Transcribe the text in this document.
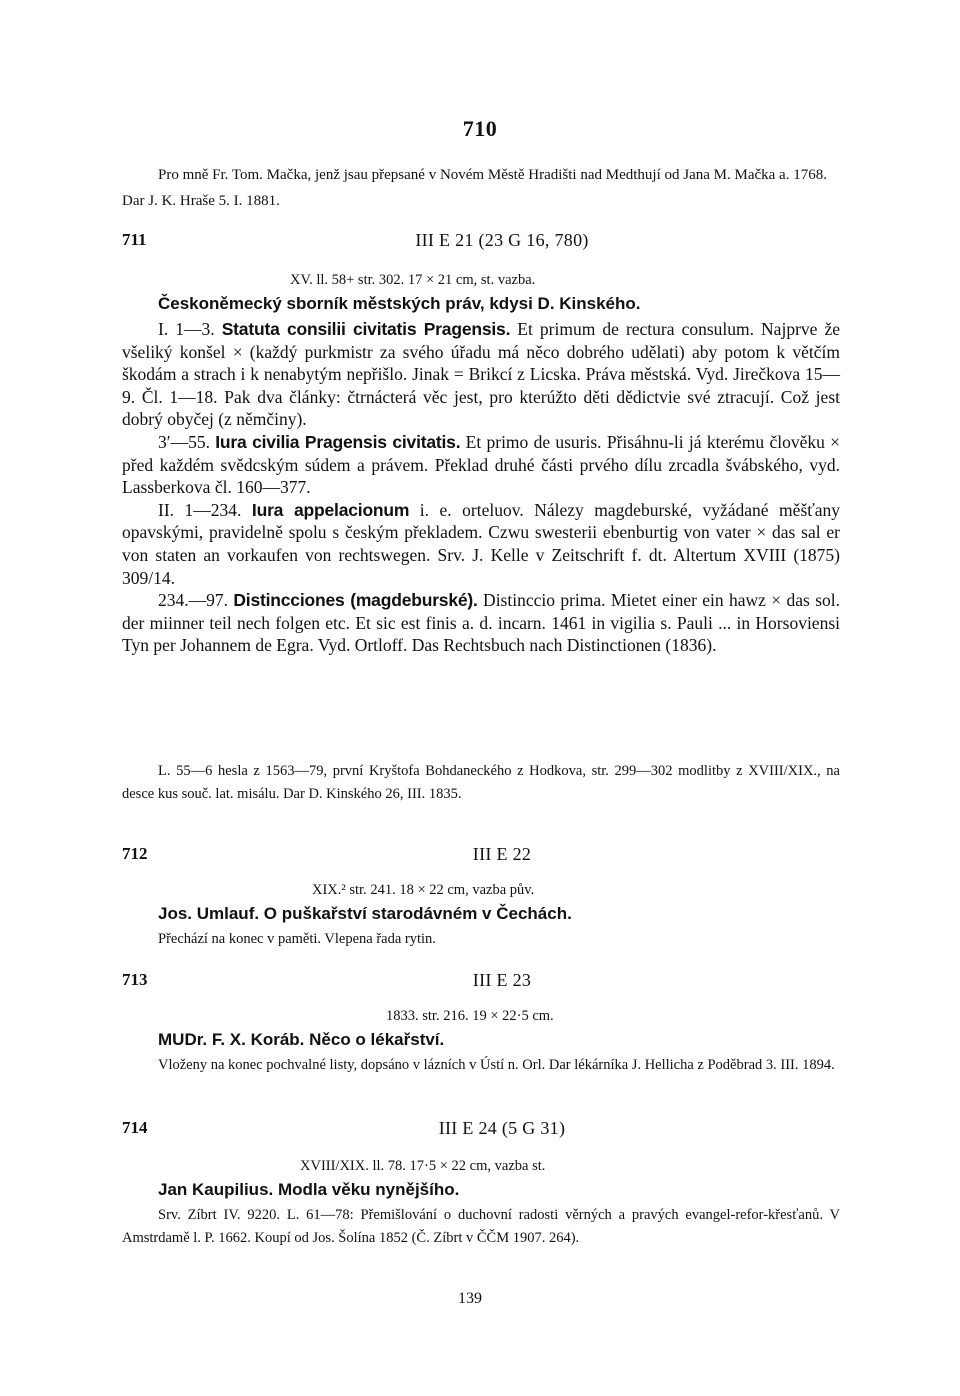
710

Pro mně Fr. Tom. Mačka, jenž jsau přepsané v Novém Městě Hradišti nad Medthují od Jana M. Mačka a. 1768. Dar J. K. Hraše 5. I. 1881.

711	III E 21 (23 G 16, 780)
XV. ll. 58+ str. 302. 17 × 21 cm, st. vazba.
Českoněmecký sborník městských práv, kdysi D. Kinského.

I. 1—3. Statuta consilii civitatis Pragensis. Et primum de rectura consulum. Najprve že všeliký konšel × (každý purkmistr za svého úřadu má něco dobrého udělati) aby potom k větčím škodám a strach i k nenabytým nepřišlo. Jinak = Brikcí z Licska. Práva městská. Vyd. Jirečkova 15—9. Čl. 1—18. Pak dva články: čtrnácterá věc jest, pro kterúžto děti dědictvie své ztracují. Což jest dobrý obyčej (z němčiny).

3′—55. Iura civilia Pragensis civitatis. Et primo de usuris. Přisáhnu-li já kterému člověku × před každém svědcským súdem a právem. Překlad druhé části prvého dílu zrcadla švábského, vyd. Lassberkova čl. 160—377.

II. 1—234. Iura appelacionum i. e. orteluov. Nálezy magdeburské, vyžádané měšťany opavskými, pravidelně spolu s českým překladem. Czwu swesterii ebenburtig von vater × das sal er von staten an vorkaufen von rechtswegen. Srv. J. Kelle v Zeitschrift f. dt. Altertum XVIII (1875) 309/14.

234.—97. Distincciones (magdeburské). Distinccio prima. Mietet einer ein hawz × das sol. der miinner teil nech folgen etc. Et sic est finis a. d. incarn. 1461 in vigilia s. Pauli ... in Horsoviensi Tyn per Johannem de Egra. Vyd. Ortloff. Das Rechtsbuch nach Distinctionen (1836).

L. 55—6 hesla z 1563—79, první Kryštofa Bohdaneckého z Hodkova, str. 299—302 modlitby z XVIII/XIX., na desce kus souč. lat. misálu. Dar D. Kinského 26, III. 1835.

712	III E 22
XIX.² str. 241. 18 × 22 cm, vazba pův.
Jos. Umlauf. O puškařství starodávném v Čechách.

Přechází na konec v paměti. Vlepena řada rytin.

713	III E 23
1833. str. 216. 19 × 22·5 cm.
MUDr. F. X. Koráb. Něco o lékařství.

Vloženy na konec pochvalné listy, dopsáno v lázních v Ústí n. Orl. Dar lékárníka J. Hellicha z Poděbrad 3. III. 1894.

714	III E 24 (5 G 31)
XVIII/XIX. ll. 78. 17·5 × 22 cm, vazba st.
Jan Kaupilius. Modla věku nynějšího.

Srv. Zíbrt IV. 9220. L. 61—78: Přemišlování o duchovní radosti věrných a pravých evangel-refor-křesťanů. V Amstrdamě l. P. 1662. Koupí od Jos. Šolína 1852 (Č. Zíbrt v ČČM 1907. 264).

139
